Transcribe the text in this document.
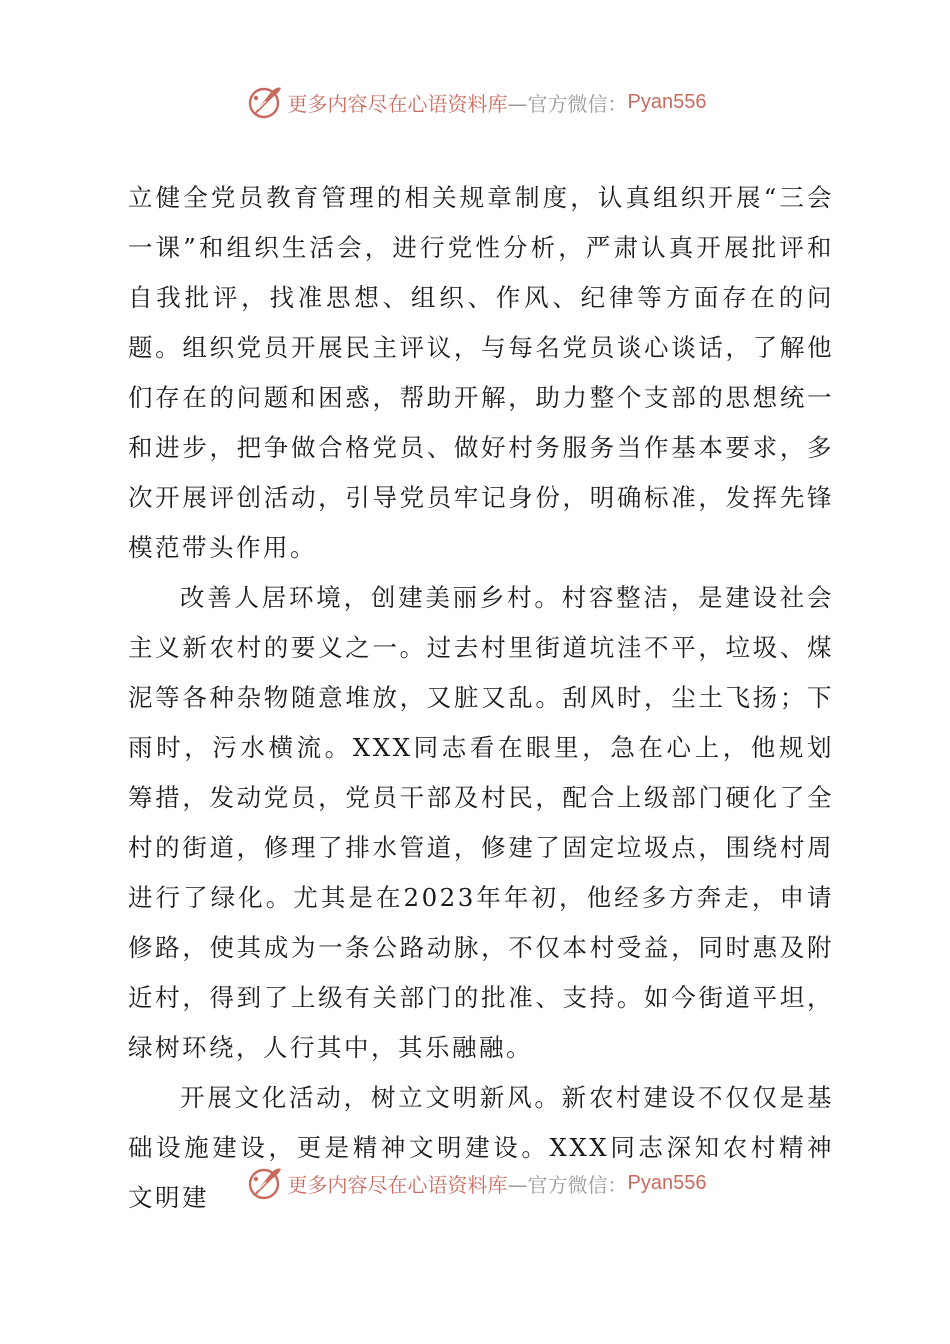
更多内容尽在心语资料库 —官方微信： Pyan556

立健全党员教育管理的相关规章制度，认真组织开展“三会一课”和组织生活会，进行党性分析，严肃认真开展批评和自我批评，找准思想、组织、作风、纪律等方面存在的问题。组织党员开展民主评议，与每名党员谈心谈话，了解他们存在的问题和困惑，帮助开解，助力整个支部的思想统一和进步，把争做合格党员、做好村务服务当作基本要求，多次开展评创活动，引导党员牢记身份，明确标准，发挥先锋模范带头作用。

改善人居环境，创建美丽乡村。村容整洁，是建设社会主义新农村的要义之一。过去村里街道坑洼不平，垃圾、煤泥等各种杂物随意堆放，又脏又乱。刮风时，尘土飞扬；下雨时，污水横流。XXX同志看在眼里，急在心上，他规划筹措，发动党员，党员干部及村民，配合上级部门硬化了全村的街道，修理了排水管道，修建了固定垃圾点，围绕村周进行了绿化。尤其是在2023年年初，他经多方奔走，申请修路，使其成为一条公路动脉，不仅本村受益，同时惠及附近村，得到了上级有关部门的批准、支持。如今街道平坦，绿树环绕，人行其中，其乐融融。

开展文化活动，树立文明新风。新农村建设不仅仅是基础设施建设，更是精神文明建设。XXX同志深知农村精神文明建	更多内容尽在心语资料库 —官方微信： Pyan556
